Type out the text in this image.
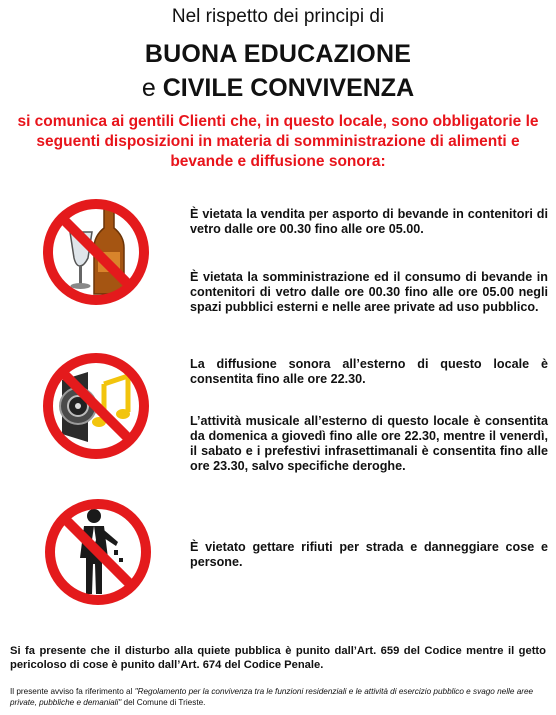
Nel rispetto dei principi di
BUONA EDUCAZIONE
e CIVILE CONVIVENZA
si comunica ai gentili Clienti che, in questo locale, sono obbligatorie le seguenti disposizioni in materia di somministrazione di alimenti e bevande e diffusione sonora:
È vietata la vendita per asporto di bevande in contenitori di vetro dalle ore 00.30 fino alle ore 05.00.
È vietata la somministrazione ed il consumo di bevande in contenitori di vetro dalle ore 00.30 fino alle ore 05.00 negli spazi pubblici esterni e nelle aree private ad uso pubblico.
La diffusione sonora all’esterno di questo locale è consentita fino alle ore 22.30.
L’attività musicale all’esterno di questo locale è consentita da domenica a giovedì fino alle ore 22.30, mentre il venerdì, il sabato e i prefestivi infrasettimanali è consentita fino alle ore 23.30, salvo specifiche deroghe.
È vietato gettare rifiuti per strada e danneggiare cose e persone.
Si fa presente che il disturbo alla quiete pubblica è punito dall’Art. 659 del Codice mentre il getto pericoloso di cose è punito dall’Art. 674 del Codice Penale.
Il presente avviso fa riferimento al "Regolamento per la convivenza tra le funzioni residenziali e le attività di esercizio pubblico e svago nelle aree private, pubbliche e demaniali" del Comune di Trieste.
